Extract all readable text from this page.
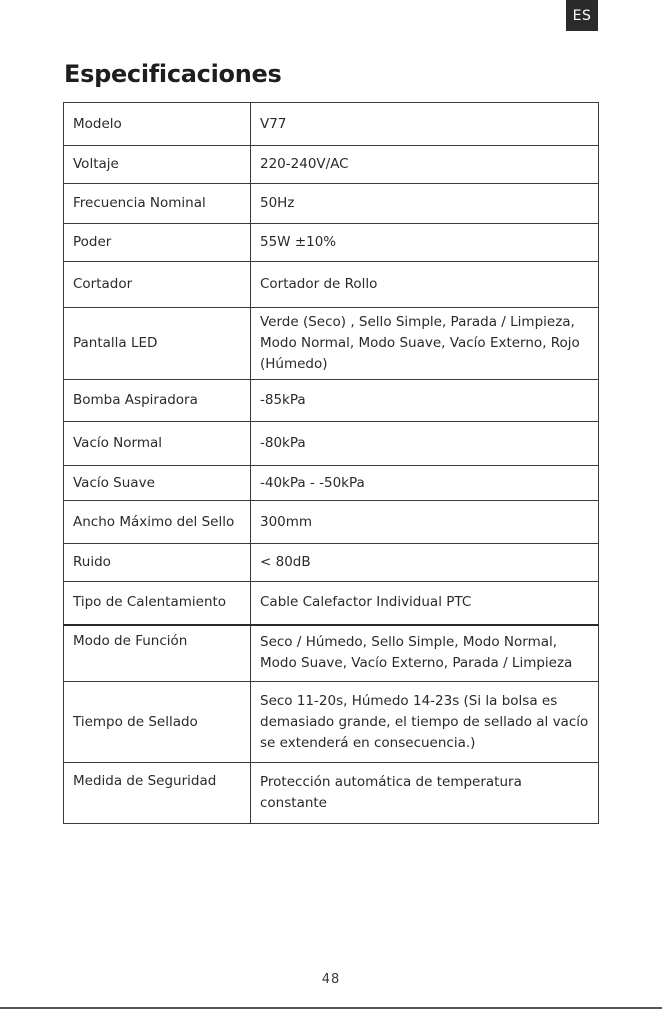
ES
Especificaciones
Modelo	V77
Voltaje	220-240V/AC
Frecuencia Nominal	50Hz
Poder	55W ±10%
Cortador	Cortador de Rollo
Pantalla LED	Verde (Seco) , Sello Simple, Parada / Limpieza, Modo Normal, Modo Suave, Vacío Externo, Rojo (Húmedo)
Bomba Aspiradora	-85kPa
Vacío Normal	-80kPa
Vacío Suave	-40kPa - -50kPa
Ancho Máximo del Sello	300mm
Ruido	< 80dB
Tipo de Calentamiento	Cable Calefactor Individual PTC
Modo de Función	Seco / Húmedo, Sello Simple, Modo Normal, Modo Suave, Vacío Externo, Parada / Limpieza
Tiempo de Sellado	Seco 11-20s, Húmedo 14-23s (Si la bolsa es demasiado grande, el tiempo de sellado al vacío se extenderá en consecuencia.)
Medida de Seguridad	Protección automática de temperatura constante
48
